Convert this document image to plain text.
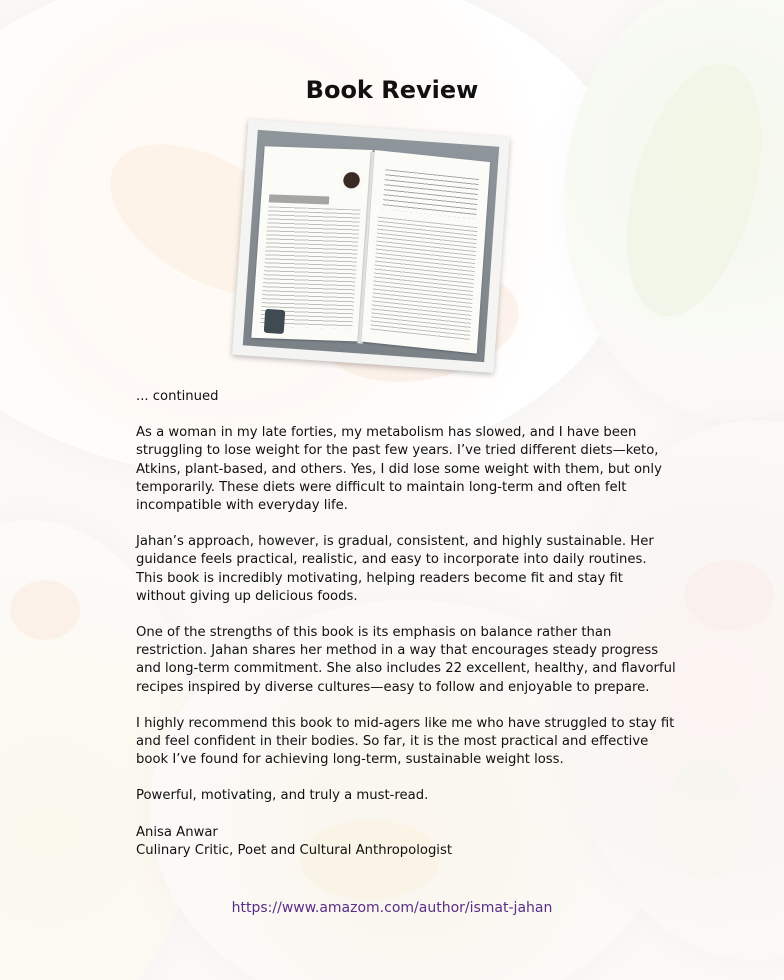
Book Review

... continued

As a woman in my late forties, my metabolism has slowed, and I have been struggling to lose weight for the past few years. I’ve tried different diets—keto, Atkins, plant-based, and others. Yes, I did lose some weight with them, but only temporarily. These diets were difficult to maintain long-term and often felt incompatible with everyday life.

Jahan’s approach, however, is gradual, consistent, and highly sustainable. Her guidance feels practical, realistic, and easy to incorporate into daily routines. This book is incredibly motivating, helping readers become fit and stay fit without giving up delicious foods.

One of the strengths of this book is its emphasis on balance rather than restriction. Jahan shares her method in a way that encourages steady progress and long-term commitment. She also includes 22 excellent, healthy, and flavorful recipes inspired by diverse cultures—easy to follow and enjoyable to prepare.

I highly recommend this book to mid-agers like me who have struggled to stay fit and feel confident in their bodies. So far, it is the most practical and effective book I’ve found for achieving long-term, sustainable weight loss.

Powerful, motivating, and truly a must-read.

Anisa Anwar
Culinary Critic, Poet and Cultural Anthropologist

https://www.amazom.com/author/ismat-jahan
